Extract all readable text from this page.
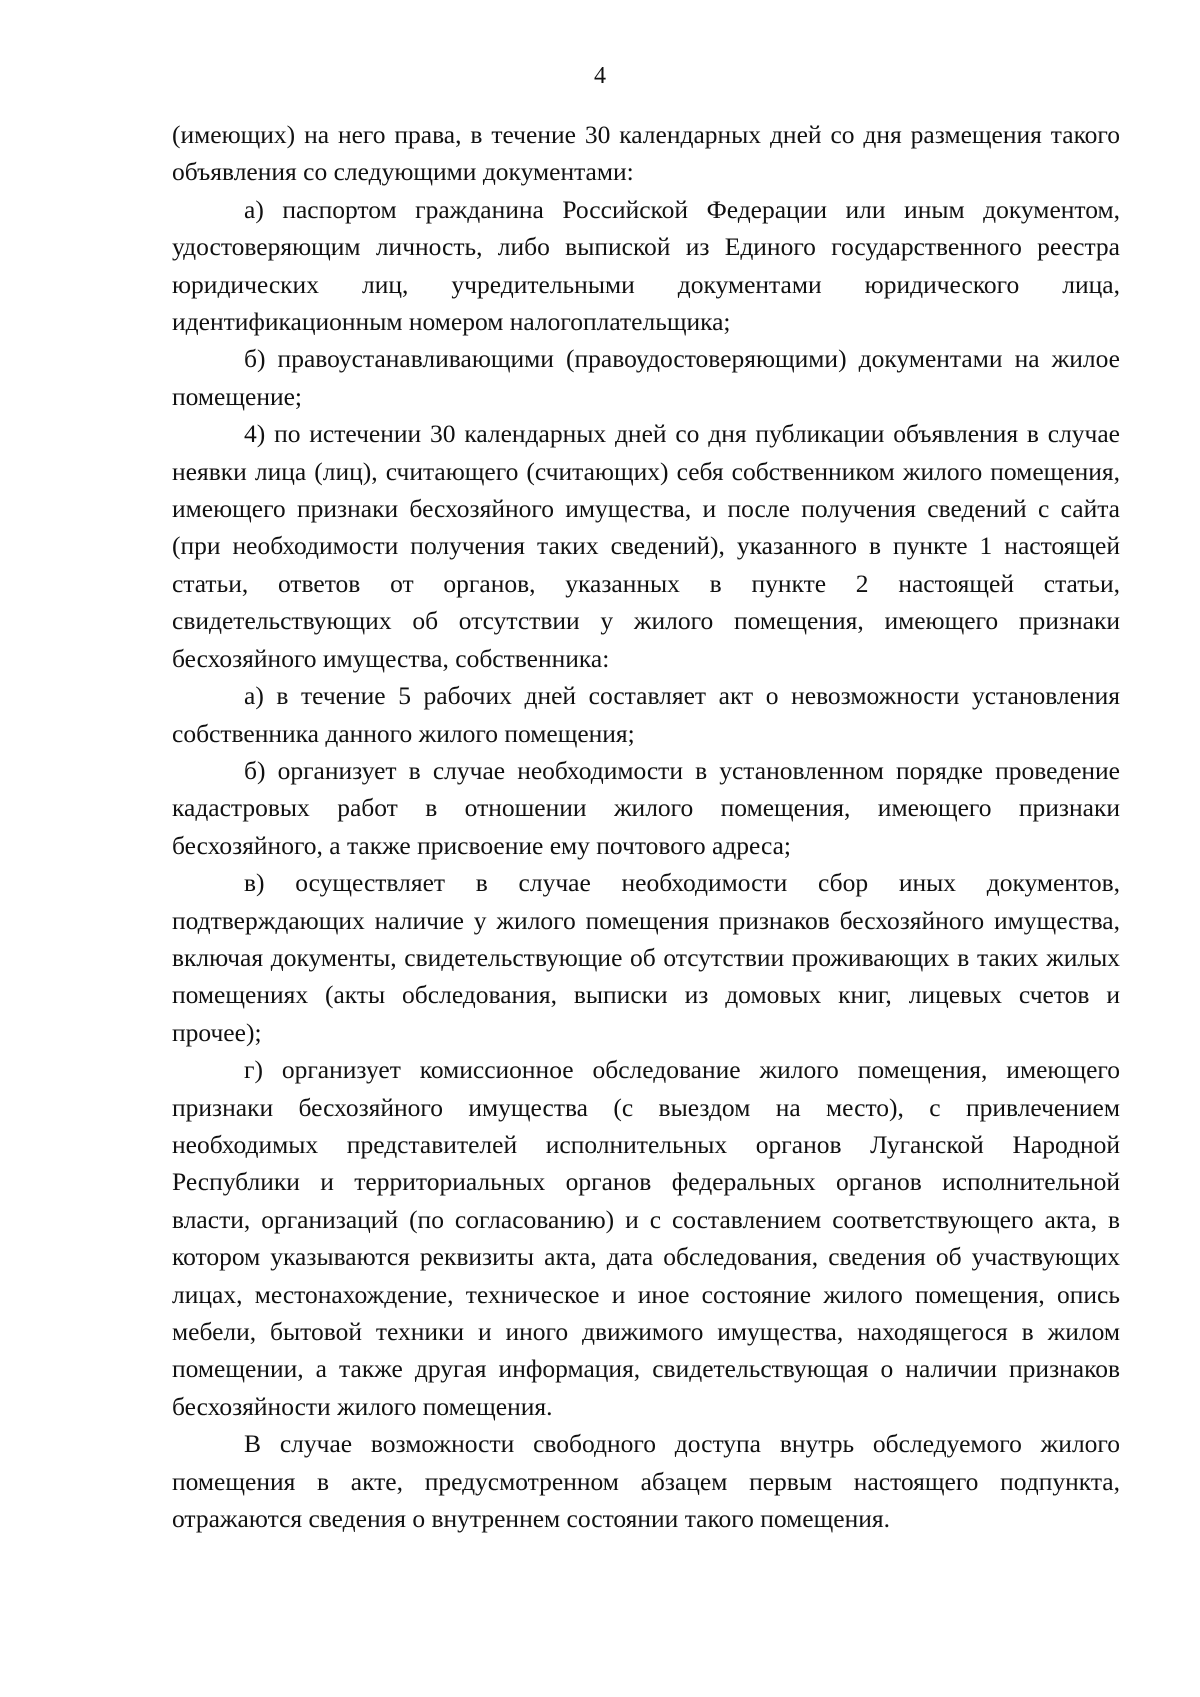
4

(имеющих) на него права, в течение 30 календарных дней со дня размещения такого объявления со следующими документами:

а) паспортом гражданина Российской Федерации или иным документом, удостоверяющим личность, либо выпиской из Единого государственного реестра юридических лиц, учредительными документами юридического лица, идентификационным номером налогоплательщика;

б) правоустанавливающими (правоудостоверяющими) документами на жилое помещение;

4) по истечении 30 календарных дней со дня публикации объявления в случае неявки лица (лиц), считающего (считающих) себя собственником жилого помещения, имеющего признаки бесхозяйного имущества, и после получения сведений с сайта (при необходимости получения таких сведений), указанного в пункте 1 настоящей статьи, ответов от органов, указанных в пункте 2 настоящей статьи, свидетельствующих об отсутствии у жилого помещения, имеющего признаки бесхозяйного имущества, собственника:

а) в течение 5 рабочих дней составляет акт о невозможности установления собственника данного жилого помещения;

б) организует в случае необходимости в установленном порядке проведение кадастровых работ в отношении жилого помещения, имеющего признаки бесхозяйного, а также присвоение ему почтового адреса;

в) осуществляет в случае необходимости сбор иных документов, подтверждающих наличие у жилого помещения признаков бесхозяйного имущества, включая документы, свидетельствующие об отсутствии проживающих в таких жилых помещениях (акты обследования, выписки из домовых книг, лицевых счетов и прочее);

г) организует комиссионное обследование жилого помещения, имеющего признаки бесхозяйного имущества (с выездом на место), с привлечением необходимых представителей исполнительных органов Луганской Народной Республики и территориальных органов федеральных органов исполнительной власти, организаций (по согласованию) и с составлением соответствующего акта, в котором указываются реквизиты акта, дата обследования, сведения об участвующих лицах, местонахождение, техническое и иное состояние жилого помещения, опись мебели, бытовой техники и иного движимого имущества, находящегося в жилом помещении, а также другая информация, свидетельствующая о наличии признаков бесхозяйности жилого помещения.

В случае возможности свободного доступа внутрь обследуемого жилого помещения в акте, предусмотренном абзацем первым настоящего подпункта, отражаются сведения о внутреннем состоянии такого помещения.
